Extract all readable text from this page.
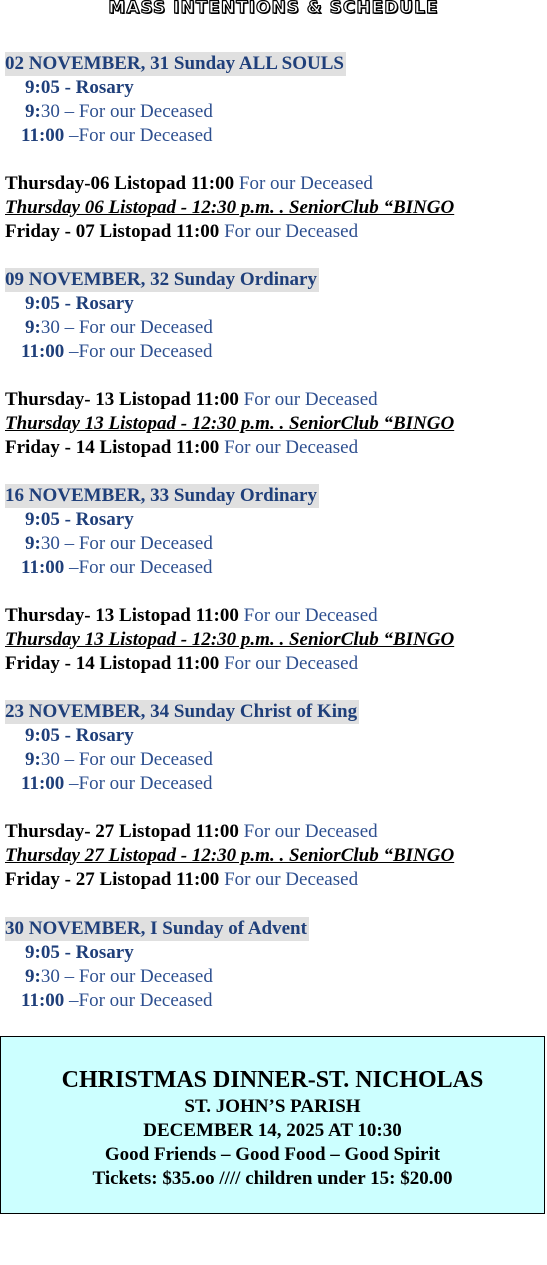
MASS INTENTIONS & SCHEDULE
02 NOVEMBER, 31 Sunday ALL SOULS
9:05 - Rosary
9:30 – For our Deceased
11:00 –For our Deceased
Thursday-06 Listopad 11:00 For our Deceased
Thursday 06 Listopad - 12:30 p.m. . SeniorClub “BINGO
Friday - 07 Listopad 11:00 For our Deceased
09 NOVEMBER, 32 Sunday Ordinary
9:05 - Rosary
9:30 – For our Deceased
11:00 –For our Deceased
Thursday- 13 Listopad 11:00 For our Deceased
Thursday 13 Listopad - 12:30 p.m. . SeniorClub “BINGO
Friday - 14 Listopad 11:00 For our Deceased
16 NOVEMBER, 33 Sunday Ordinary
9:05 - Rosary
9:30 – For our Deceased
11:00 –For our Deceased
Thursday- 13 Listopad 11:00 For our Deceased
Thursday 13 Listopad - 12:30 p.m. . SeniorClub “BINGO
Friday - 14 Listopad 11:00 For our Deceased
23 NOVEMBER, 34 Sunday Christ of King
9:05 - Rosary
9:30 – For our Deceased
11:00 –For our Deceased
Thursday- 27 Listopad 11:00 For our Deceased
Thursday 27 Listopad - 12:30 p.m. . SeniorClub “BINGO
Friday - 27 Listopad 11:00 For our Deceased
30 NOVEMBER, I Sunday of Advent
9:05 - Rosary
9:30 – For our Deceased
11:00 –For our Deceased
CHRISTMAS DINNER-ST. NICHOLAS
ST. JOHN’S PARISH
DECEMBER 14, 2025 AT 10:30
Good Friends – Good Food – Good Spirit
Tickets: $35.oo //// children under 15: $20.00
